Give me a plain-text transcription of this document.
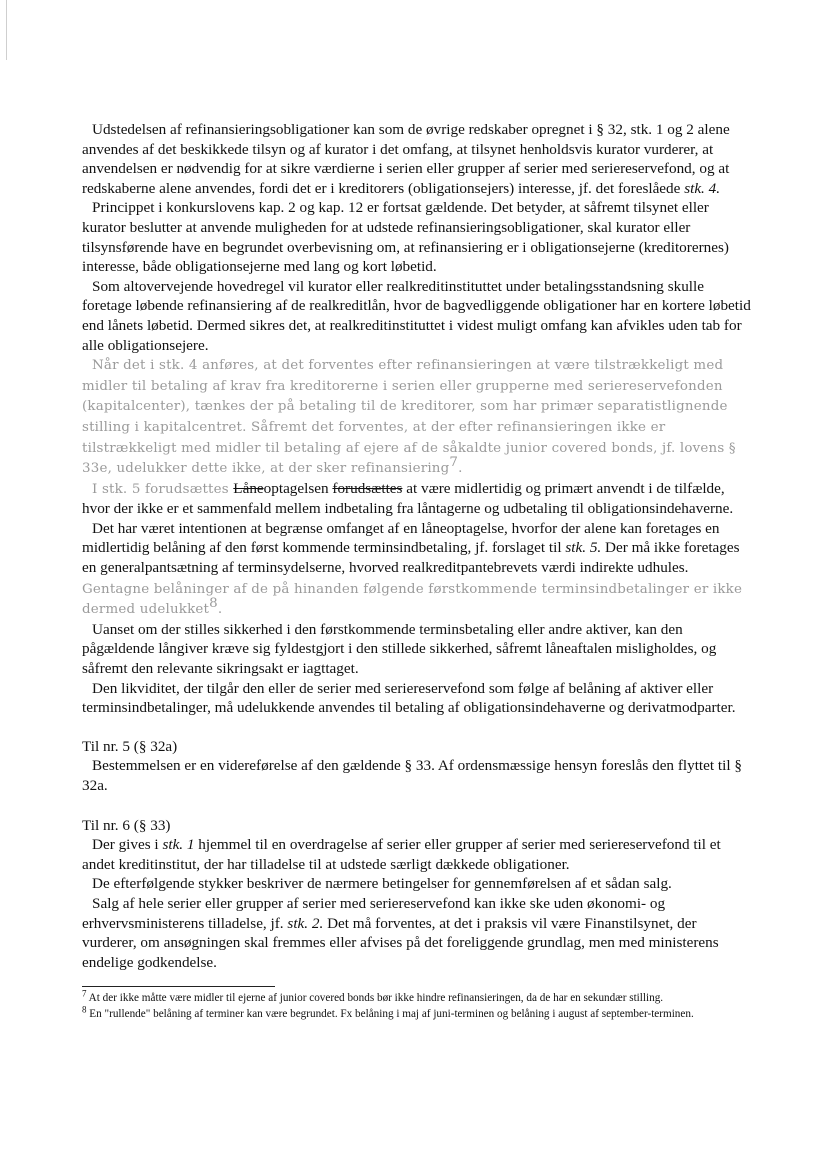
Udstedelsen af refinansieringsobligationer kan som de øvrige redskaber opregnet i § 32, stk. 1 og 2 alene anvendes af det beskikkede tilsyn og af kurator i det omfang, at tilsynet henholdsvis kurator vurderer, at anvendelsen er nødvendig for at sikre værdierne i serien eller grupper af serier med seriereservefond, og at redskaberne alene anvendes, fordi det er i kreditorers (obligationsejers) interesse, jf. det foreslåede stk. 4.

Princippet i konkurslovens kap. 2 og kap. 12 er fortsat gældende. Det betyder, at såfremt tilsynet eller kurator beslutter at anvende muligheden for at udstede refinansieringsobligationer, skal kurator eller tilsynsførende have en begrundet overbevisning om, at refinansiering er i obligationsejerne (kreditorernes) interesse, både obligationsejerne med lang og kort løbetid.

Som altovervejende hovedregel vil kurator eller realkreditinstituttet under betalingsstandsning skulle foretage løbende refinansiering af de realkreditlån, hvor de bagvedliggende obligationer har en kortere løbetid end lånets løbetid. Dermed sikres det, at realkreditinstituttet i videst muligt omfang kan afvikles uden tab for alle obligationsejere.

Når det i stk. 4 anføres, at det forventes efter refinansieringen at være tilstrækkeligt med midler til betaling af krav fra kreditorerne i serien eller grupperne med seriereservefonden (kapitalcenter), tænkes der på betaling til de kreditorer, som har primær separatistlignende stilling i kapitalcentret. Såfremt det forventes, at der efter refinansieringen ikke er tilstrækkeligt med midler til betaling af ejere af de såkaldte junior covered bonds, jf. lovens § 33e, udelukker dette ikke, at der sker refinansiering$^7$.

I stk. 5 forudsættes Låneoptagelsen forudsættes at være midlertidig og primært anvendt i de tilfælde, hvor der ikke er et sammenfald mellem indbetaling fra låntagerne og udbetaling til obligationsindehaverne.

Det har været intentionen at begrænse omfanget af en låneoptagelse, hvorfor der alene kan foretages en midlertidig belåning af den først kommende terminsindbetaling, jf. forslaget til stk. 5. Der må ikke foretages en generalpantsætning af terminsydelserne, hvorved realkreditpantebrevets værdi indirekte udhules. Gentagne belåninger af de på hinanden følgende førstkommende terminsindbetalinger er ikke dermed udelukket$^8$.

Uanset om der stilles sikkerhed i den førstkommende terminsbetaling eller andre aktiver, kan den pågældende långiver kræve sig fyldestgjort i den stillede sikkerhed, såfremt låneaftalen misligholdes, og såfremt den relevante sikringsakt er iagttaget.

Den likviditet, der tilgår den eller de serier med seriereservefond som følge af belåning af aktiver eller terminsindbetalinger, må udelukkende anvendes til betaling af obligationsindehaverne og derivatmodparter.

Til nr. 5 (§ 32a)

Bestemmelsen er en videreførelse af den gældende § 33. Af ordensmæssige hensyn foreslås den flyttet til § 32a.

Til nr. 6 (§ 33)

Der gives i stk. 1 hjemmel til en overdragelse af serier eller grupper af serier med seriereservefond til et andet kreditinstitut, der har tilladelse til at udstede særligt dækkede obligationer.

De efterfølgende stykker beskriver de nærmere betingelser for gennemførelsen af et sådan salg.

Salg af hele serier eller grupper af serier med seriereservefond kan ikke ske uden økonomi- og erhvervsministerens tilladelse, jf. stk. 2. Det må forventes, at det i praksis vil være Finanstilsynet, der vurderer, om ansøgningen skal fremmes eller afvises på det foreliggende grundlag, men med ministerens endelige godkendelse.

$^7$ At der ikke måtte være midler til ejerne af junior covered bonds bør ikke hindre refinansieringen, da de har en sekundær stilling.

$^8$ En "rullende" belåning af terminer kan være begrundet. Fx belåning i maj af juni-terminen og belåning i august af september-terminen.
